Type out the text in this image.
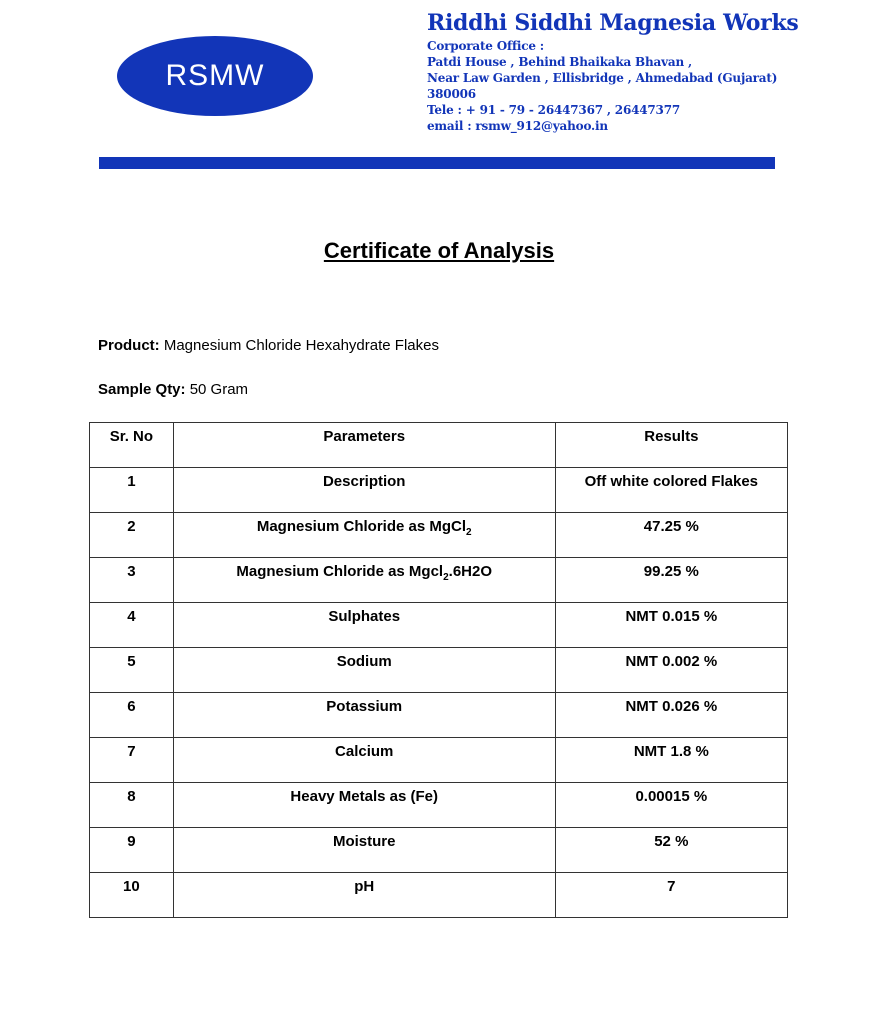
RSMW
Riddhi Siddhi Magnesia Works
Corporate Office :
Patdi House , Behind Bhaikaka Bhavan ,
Near Law Garden , Ellisbridge , Ahmedabad (Gujarat)
380006
Tele : + 91 - 79 - 26447367 , 26447377
email : rsmw_912@yahoo.in
Certificate of Analysis
Product: Magnesium Chloride Hexahydrate Flakes
Sample Qty: 50 Gram
Sr. No	Parameters	Results

1	Description	Off white colored Flakes

2	Magnesium Chloride as MgCl$_2$	47.25 %

3	Magnesium Chloride as Mgcl$_2$.6H2O	99.25 %

4	Sulphates	NMT 0.015 %

5	Sodium	NMT 0.002 %

6	Potassium	NMT 0.026 %

7	Calcium	NMT 1.8 %

8	Heavy Metals as (Fe)	0.00015 %

9	Moisture	52 %

10	pH	7
